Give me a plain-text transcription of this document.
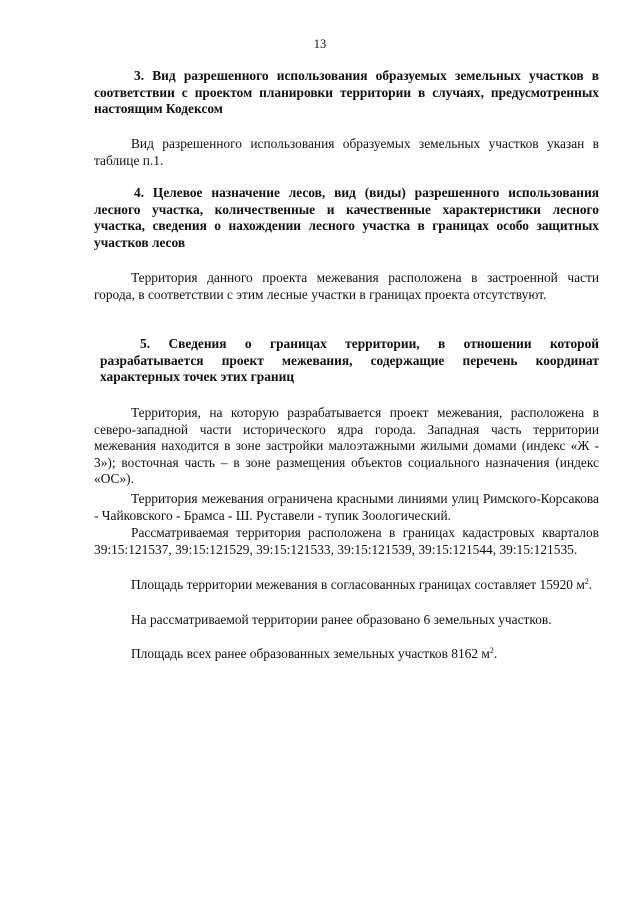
13

3. Вид разрешенного использования образуемых земельных участков в соответствии с проектом планировки территории в случаях, предусмотренных настоящим Кодексом

Вид разрешенного использования образуемых земельных участков указан в таблице п.1.

4. Целевое назначение лесов, вид (виды) разрешенного использования лесного участка, количественные и качественные характеристики лесного участка, сведения о нахождении лесного участка в границах особо защитных участков лесов

Территория данного проекта межевания расположена в застроенной части города, в соответствии с этим лесные участки в границах проекта отсутствуют.

5. Сведения о границах территории, в отношении которой разрабатывается проект межевания, содержащие перечень координат характерных точек этих границ

Территория, на которую разрабатывается проект межевания, расположена в северо-западной части исторического ядра города. Западная часть территории межевания находится в зоне застройки малоэтажными жилыми домами (индекс «Ж - 3»); восточная часть – в зоне размещения объектов социального назначения (индекс «ОС»).

Территория межевания ограничена красными линиями улиц Римского-Корсакова - Чайковского - Брамса - Ш. Руставели - тупик Зоологический.

Рассматриваемая территория расположена в границах кадастровых кварталов 39:15:121537, 39:15:121529, 39:15:121533, 39:15:121539, 39:15:121544, 39:15:121535.

Площадь территории межевания в согласованных границах составляет 15920 $м^2$.

На рассматриваемой территории ранее образовано 6 земельных участков.

Площадь всех ранее образованных земельных участков 8162 $м^2$.
